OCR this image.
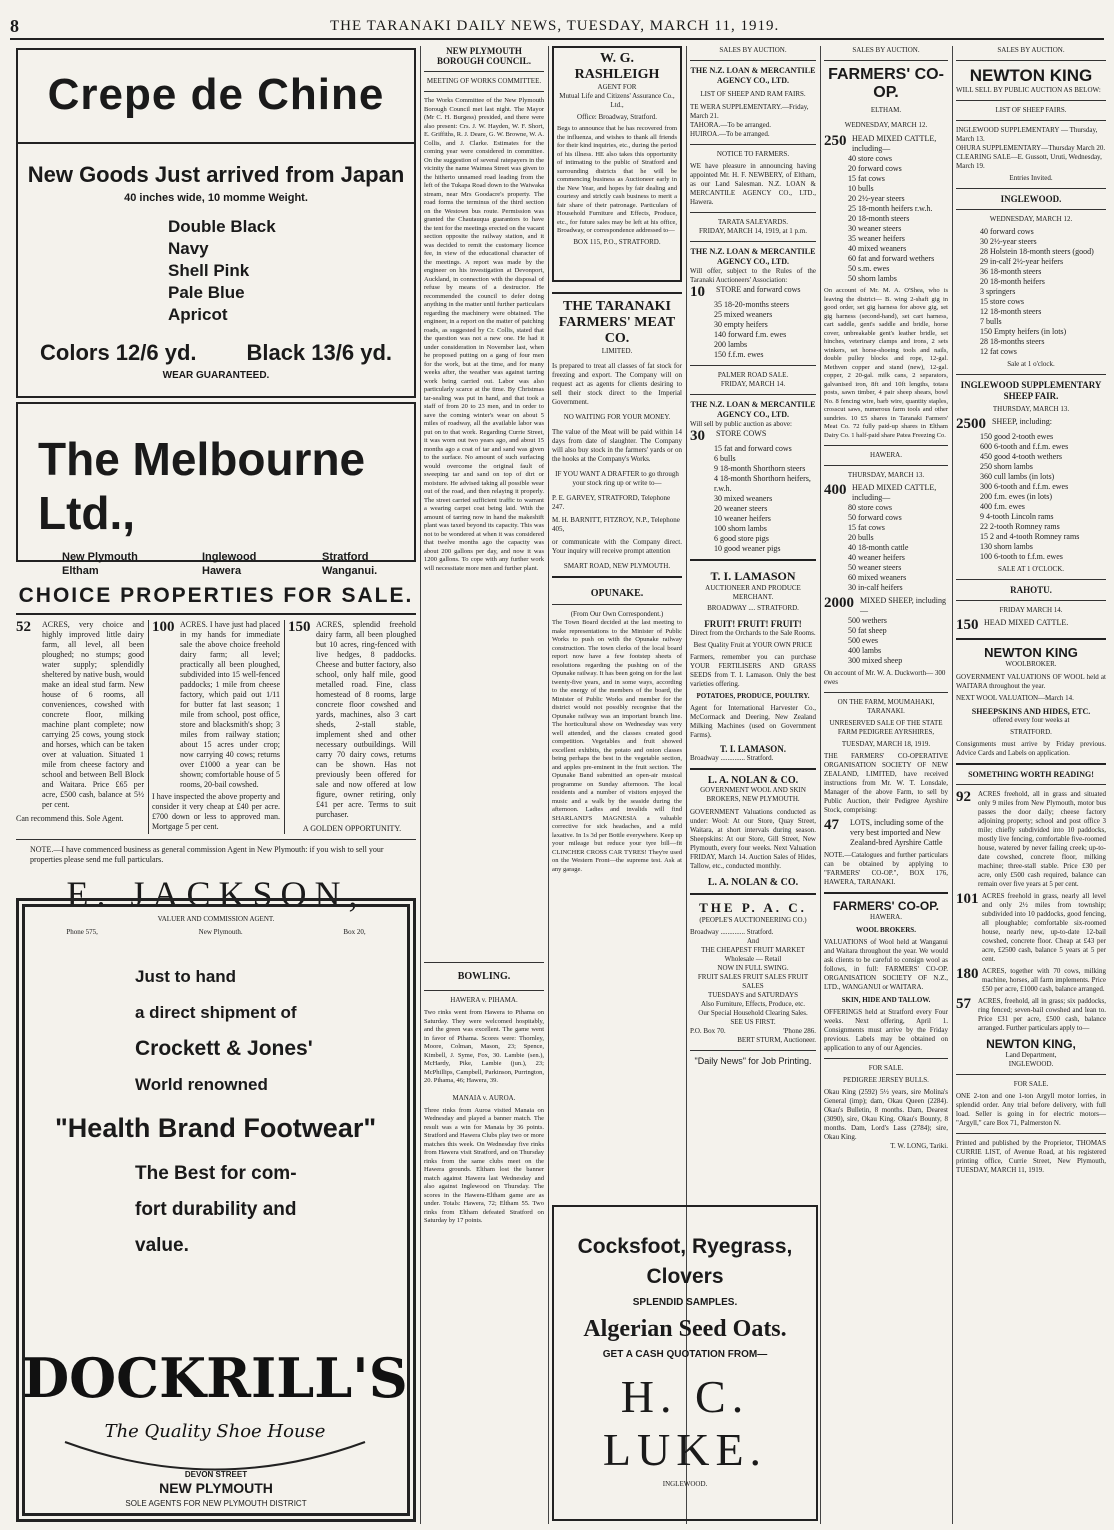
8	THE TARANAKI DAILY NEWS, TUESDAY, MARCH 11, 1919.
Crepe de Chine
New Goods Just arrived from Japan
40 inches wide, 10 momme Weight.
Double Black
Navy
Shell Pink
Pale Blue
Apricot
Colors 12/6 yd. Black 13/6 yd.
WEAR GUARANTEED.
The Melbourne Ltd.,
New Plymouth	Inglewood	Stratford
Eltham	Hawera	Wanganui.
CHOICE PROPERTIES FOR SALE.
52	ACRES, very choice and highly improved little dairy farm, all level, all been ploughed; no stumps; good water supply; splendidly sheltered by native bush, would make an ideal stud farm. New house of 6 rooms, all conveniences, cowshed with concrete floor, milking machine plant complete; now carrying 25 cows, young stock and horses, which can be taken over at valuation. Situated 1 mile from cheese factory and school and between Bell Block and Waitara. Price £65 per acre, £500 cash, balance at 5½ per cent.
Can recommend this. Sole Agent.
100 ACRES. I have just had placed in my hands for immediate sale the above choice freehold dairy farm; all level; practically all been ploughed, subdivided into 15 well-fenced paddocks; 1 mile from cheese factory, which paid out 1/11 for butter fat last season; 1 mile from school, post office, store and blacksmith's shop; 3 miles from railway station; about 15 acres under crop; now carrying 40 cows; returns over £1000 a year can be shown; comfortable house of 5 rooms, 20-bail cowshed.
I have inspected the above property and consider it very cheap at £40 per acre. £700 down or less to approved man. Mortgage 5 per cent.
150 ACRES, splendid freehold dairy farm, all been ploughed but 10 acres, ring-fenced with live hedges, 8 paddocks. Cheese and butter factory, also school, only half mile, good metalled road. Fine, class homestead of 8 rooms, large concrete floor cowshed and yards, machines, also 3 cart sheds, 2-stall stable, implement shed and other necessary outbuildings. Will carry 70 dairy cows, returns can be shown. Has not previously been offered for sale and now offered at low figure, owner retiring, only £41 per acre. Terms to suit purchaser.
A GOLDEN OPPORTUNITY.
NOTE.—I have commenced business as general commission Agent in New Plymouth: if you wish to sell your properties please send me full particulars.
E. JACKSON,
VALUER AND COMMISSION AGENT.
Phone 575,	New Plymouth.	Box 20,
Just to hand
a direct shipment of
Crockett & Jones'
World renowned
"Health Brand Footwear"
The Best for com-
fort durability and
value.
DOCKRILL'S
The Quality Shoe House
DEVON STREET
NEW PLYMOUTH
SOLE AGENTS FOR NEW PLYMOUTH DISTRICT
NEW PLYMOUTH BOROUGH COUNCIL.
MEETING OF WORKS COMMITTEE.
The Works Committee of the New Plymouth Borough Council met last night. The Mayor (Mr C. H. Burgess) presided, and there were also present: Crs. J. W. Hayden, W. F. Short, E. Griffiths, R. J. Deare, G. W. Browne, W. A. Collis, and J. Clarke. Estimates for the coming year were considered in committee. On the suggestion of several ratepayers in the vicinity the name Waimea Street was given to the hitherto unnamed road leading from the left of the Tukapa Road down to the Waiwaka stream, near Mrs Goodacre's property. The road forms the terminus of the third section on the Westown bus route. Permission was granted the Chautauqua guarantors to have the tent for the meetings erected on the vacant section opposite the railway station, and it was decided to remit the customary licence fee, in view of the educational character of the meetings. A report was made by the engineer on his investigation at Devonport, Auckland, in connection with the disposal of refuse by means of a destructor. He recommended the council to defer doing anything in the matter until further particulars regarding the machinery were obtained. The engineer, in a report on the matter of patching roads, as suggested by Cr. Collis, stated that the question was not a new one. He had it under consideration in November last, when he proposed putting on a gang of four men for the work, but at the time, and for many weeks after, the weather was against tarring work being carried out. Labor was also particularly scarce at the time. By Christmas tar-sealing was put in hand, and that took a staff of from 20 to 23 men, and in order to save the coming winter's wear on about 5 miles of roadway, all the available labor was put on to that work. Regarding Currie Street, it was worn out two years ago, and about 15 months ago a coat of tar and sand was given to the surface. No amount of such surfacing would overcome the original fault of sweeping tar and sand on top of dirt or moisture. He advised taking all possible wear out of the road, and then relaying it properly. The street carried sufficient traffic to warrant a wearing carpet coat being laid. With the amount of tarring now in hand the makeshift plant was taxed beyond its capacity. This was not to be wondered at when it was considered that twelve months ago the capacity was about 200 gallons per day, and now it was 1200 gallons. To cope with any further work will necessitate more men and further plant.
BOWLING.
HAWERA v. PIHAMA.
Two rinks went from Hawera to Pihama on Saturday. They were welcomed hospitably, and the green was excellent. The game went in favor of Pihama. Scores were: Thornley, Moore, Colman, Mason, 23; Spence, Kimbell, J. Syme, Fox, 30. Lambie (sen.), McHardy, Pike, Lambie (jun.), 23; McPhillips, Campbell, Parkinson, Purrington, 20. Pihama, 46; Hawera, 39.
MANAIA v. AUROA.
Three rinks from Auroa visited Manaia on Wednesday and played a banner match. The result was a win for Manaia by 36 points. Stratford and Hawera Clubs play two or more matches this week. On Wednesday five rinks from Hawera visit Stratford, and on Thursday rinks from the same clubs meet on the Hawera grounds. Eltham lost the banner match against Hawera last Wednesday and also against Inglewood on Thursday. The scores in the Hawera-Eltham game are as under. Totals: Hawera, 72; Eltham 55. Two rinks from Eltham defeated Stratford on Saturday by 17 points.
W. G. RASHLEIGH
AGENT FOR
Mutual Life and Citizens' Assurance Co., Ltd.,
Office: Broadway, Stratford.
Begs to announce that he has recovered from the influenza, and wishes to thank all friends for their kind inquiries, etc., during the period of his illness. HE also takes this opportunity of intimating to the public of Stratford and surrounding districts that he will be commencing business as Auctioneer early in the New Year, and hopes by fair dealing and courtesy and strictly cash business to merit a fair share of their patronage. Particulars of Household Furniture and Effects, Produce, etc., for future sales may be left at his office, Broadway, or correspondence addressed to—
BOX 115, P.O., STRATFORD.
THE TARANAKI FARMERS' MEAT CO.
LIMITED.
Is prepared to treat all classes of fat stock for freezing and export. The Company will on request act as agents for clients desiring to sell their stock direct to the Imperial Government.
NO WAITING FOR YOUR MONEY.
The value of the Meat will be paid within 14 days from date of slaughter. The Company will also buy stock in the farmers' yards or on the hooks at the Company's Works.
IF YOU WANT A DRAFTER to go through your stock ring up or write to—
P. E. GARVEY, STRATFORD, Telephone 247.
M. H. BARNITT, FITZROY, N.P., Telephone 405,
or communicate with the Company direct. Your inquiry will receive prompt attention
SMART ROAD, NEW PLYMOUTH.
OPUNAKE.
(From Our Own Correspondent.)
The Town Board decided at the last meeting to make representations to the Minister of Public Works to push on with the Opunake railway construction. The town clerks of the local board report now have a few footstep sheets of resolutions regarding the pushing on of the Opunake railway. It has been going on for the last twenty-five years, and in some ways, according to the energy of the members of the board, the Minister of Public Works and member for the district would not possibly recognise that the Opunake railway was an important branch line. The horticultural show on Wednesday was very well attended, and the classes created good competition. Vegetables and fruit showed excellent exhibits, the potato and onion classes being perhaps the best in the vegetable section, and apples pre-eminent in the fruit section. The Opunake Band submitted an open-air musical programme on Sunday afternoon. The local residents and a number of visitors enjoyed the music and a walk by the seaside during the afternoon. Ladies and invalids will find SHARLAND'S MAGNESIA a valuable corrective for sick headaches, and a mild laxative. In 1s 3d per Bottle everywhere. Keep up your mileage but reduce your tyre bill—fit CLINCHER CROSS CAR TYRES! They're used on the Western Front—the supreme test. Ask at any garage.
Cocksfoot, Ryegrass,
Clovers
SPLENDID SAMPLES.
Algerian Seed Oats.
GET A CASH QUOTATION FROM—
H. C. LUKE.
INGLEWOOD.
SALES BY AUCTION.
THE N.Z. LOAN & MERCANTILE AGENCY CO., LTD.
LIST OF SHEEP AND RAM FAIRS.
TE WERA SUPPLEMENTARY.—Friday, March 21.
TAHORA.—To be arranged.
HUIROA.—To be arranged.
NOTICE TO FARMERS.
WE have pleasure in announcing having appointed Mr. H. F. NEWBERY, of Eltham, as our Land Salesman. N.Z. LOAN & MERCANTILE AGENCY CO., LTD., Hawera.
TARATA SALEYARDS.
FRIDAY, MARCH 14, 1919, at 1 p.m.
THE N.Z. LOAN & MERCANTILE AGENCY CO., LTD.
Will offer, subject to the Rules of the Taranaki Auctioneers' Association:
10	STORE and forward cows
35 18-20-months steers
25 mixed weaners
30 empty heifers
140 forward f.m. ewes
200 lambs
150 f.f.m. ewes
PALMER ROAD SALE.
FRIDAY, MARCH 14.
THE N.Z. LOAN & MERCANTILE AGENCY CO., LTD.
Will sell by public auction as above:
30	STORE COWS
15 fat and forward cows
6 bulls
9 18-month Shorthorn steers
4 18-month Shorthorn heifers, r.w.h.
30 mixed weaners
20 weaner steers
10 weaner heifers
100 shorn lambs
6 good store pigs
10 good weaner pigs
T. I. LAMASON
AUCTIONEER AND PRODUCE MERCHANT.
BROADWAY .... STRATFORD.
FRUIT! FRUIT! FRUIT!
Direct from the Orchards to the Sale Rooms.
Best Quality Fruit at YOUR OWN PRICE
Farmers, remember you can purchase YOUR FERTILISERS AND GRASS SEEDS from T. I. Lamason. Only the best varieties offering.
POTATOES, PRODUCE, POULTRY.
Agent for International Harvester Co., McCormack and Deering, New Zealand Milking Machines (used on Government Farms).
T. I. LAMASON.
Broadway .............. Stratford.
L. A. NOLAN & CO.
GOVERNMENT WOOL AND SKIN BROKERS, NEW PLYMOUTH.
GOVERNMENT Valuations conducted as under: Wool: At our Store, Quay Street, Waitara, at short intervals during season. Sheepskins: At our Store, Gill Street, New Plymouth, every four weeks. Next Valuation FRIDAY, March 14. Auction Sales of Hides, Tallow, etc., conducted monthly.
L. A. NOLAN & CO.
THE P. A. C.
(PEOPLE'S AUCTIONEERING CO.)
Broadway .............. Stratford.
And
THE CHEAPEST FRUIT MARKET
Wholesale — Retail
NOW IN FULL SWING.
FRUIT SALES FRUIT SALES FRUIT SALES
TUESDAYS and SATURDAYS
Also Furniture, Effects, Produce, etc.
Our Special Household Clearing Sales.
SEE US FIRST.
P.O. Box 70.	'Phone 286.
BERT STURM, Auctioneer.
"Daily News" for Job Printing.
SALES BY AUCTION.
FARMERS' CO-OP.
ELTHAM.
WEDNESDAY, MARCH 12.
250 HEAD MIXED CATTLE, including—
40 store cows
20 forward cows
15 fat cows
10 bulls
20 2½-year steers
25 18-month heifers r.w.h.
20 18-month steers
30 weaner steers
35 weaner heifers
40 mixed weaners
60 fat and forward wethers
50 s.m. ewes
50 shorn lambs
On account of Mr. M. A. O'Shea, who is leaving the district— B. wing 2-shaft gig in good order, set gig harness for above gig, set gig harness (second-hand), set cart harness, cart saddle, gent's saddle and bridle, horse cover, unbreakable gent's leather bridle, set hinches, veterinary clamps and irons, 2 sets winkers, set horse-shoeing tools and nails, double pulley blocks and rope, 12-gal. Methven copper and stand (new), 12-gal. copper, 2 20-gal. milk cans, 2 separators, galvanised iron, 8ft and 10ft lengths, totara posts, sawn timber, 4 pair sheep shears, bowl No. 8 fencing wire, barb wire, quantity staples, crosscut saws, numerous farm tools and other sundries. 10 £5 shares in Taranaki Farmers' Meat Co. 72 fully paid-up shares in Eltham Dairy Co. 1 half-paid share Patea Freezing Co.
HAWERA.
THURSDAY, MARCH 13.
400 HEAD MIXED CATTLE, including—
80 store cows
50 forward cows
15 fat cows
20 bulls
40 18-month cattle
40 weaner heifers
50 weaner steers
60 mixed weaners
30 in-calf heifers
2000 MIXED SHEEP, including—
500 wethers
50 fat sheep
500 ewes
400 lambs
300 mixed sheep
On account of Mr. W. A. Duckworth— 300 ewes
ON THE FARM, MOUMAHAKI, TARANAKI.
UNRESERVED SALE OF THE STATE FARM PEDIGREE AYRSHIRES,
TUESDAY, MARCH 18, 1919.
THE FARMERS' CO-OPERATIVE ORGANISATION SOCIETY OF NEW ZEALAND, LIMITED, have received instructions from Mr. W. T. Lonsdale, Manager of the above Farm, to sell by Public Auction, their Pedigree Ayrshire Stock, comprising:
47	LOTS, including some of the very best imported and New Zealand-bred Ayrshire Cattle
NOTE.—Catalogues and further particulars can be obtained by applying to "FARMERS' CO-OP.", BOX 176, HAWERA, TARANAKI.
FARMERS' CO-OP.
HAWERA.
WOOL BROKERS.
VALUATIONS of Wool held at Wanganui and Waitara throughout the year. We would ask clients to be careful to consign wool as follows, in full: FARMERS' CO-OP. ORGANISATION SOCIETY OF N.Z., LTD., WANGANUI or WAITARA.
SKIN, HIDE AND TALLOW.
OFFERINGS held at Stratford every Four weeks. Next offering, April 1. Consignments must arrive by the Friday previous. Labels may be obtained on application to any of our Agencies.
FOR SALE.
PEDIGREE JERSEY BULLS.
Okau King (2592) 5½ years, sire Molina's General (imp); dam, Okau Queen (2284). Okau's Bulletin, 8 months. Dam, Dearest (3090), sire, Okau King. Okau's Bounty, 8 months. Dam, Lord's Lass (2784); sire, Okau King.
T. W. LONG, Tariki.
SALES BY AUCTION.
NEWTON KING
WILL SELL BY PUBLIC AUCTION AS BELOW:
LIST OF SHEEP FAIRS.
INGLEWOOD SUPPLEMENTARY — Thursday, March 13.
OHURA SUPPLEMENTARY—Thursday March 20.
CLEARING SALE—E. Gussott, Uruti, Wednesday, March 19.
Entries Invited.
INGLEWOOD.
WEDNESDAY, MARCH 12.
40 forward cows
30 2½-year steers
28 Holstein 18-month steers (good)
29 in-calf 2½-year heifers
36 18-month steers
20 18-month heifers
3 springers
15 store cows
12 18-month steers
7 bulls
150 Empty heifers (in lots)
28 18-months steers
12 fat cows
Sale at 1 o'clock.
INGLEWOOD SUPPLEMENTARY SHEEP FAIR.
THURSDAY, MARCH 13.
2500 SHEEP, including:
150 good 2-tooth ewes
600 6-tooth and f.f.m. ewes
450 good 4-tooth wethers
250 shorn lambs
360 cull lambs (in lots)
300 6-tooth and f.f.m. ewes
200 f.m. ewes (in lots)
400 f.m. ewes
9 4-tooth Lincoln rams
22 2-tooth Romney rams
15 2 and 4-tooth Romney rams
130 shorn lambs
100 6-tooth to f.f.m. ewes
SALE AT 1 O'CLOCK.
RAHOTU.
FRIDAY MARCH 14.
150 HEAD MIXED CATTLE.
NEWTON KING
WOOLBROKER.
GOVERNMENT VALUATIONS OF WOOL held at WAITARA throughout the year.
NEXT WOOL VALUATION—March 14.
SHEEPSKINS AND HIDES, ETC.
offered every four weeks at
STRATFORD.
Consignments must arrive by Friday previous. Advice Cards and Labels on application.
SOMETHING WORTH READING!
92	ACRES freehold, all in grass and situated only 9 miles from New Plymouth, motor bus passes the door daily; cheese factory adjoining property; school and post office 3 mile; chiefly subdivided into 10 paddocks, mostly live fencing, comfortable five-roomed house, watered by never failing creek; up-to-date cowshed, concrete floor, milking machine; three-stall stable. Price £30 per acre, only £500 cash required, balance can remain over five years at 5 per cent.
101 ACRES freehold in grass, nearly all level and only 2½ miles from township; subdivided into 10 paddocks, good fencing, all ploughable; comfortable six-roomed house, nearly new, up-to-date 12-bail cowshed, concrete floor. Cheap at £43 per acre, £2500 cash, balance 5 years at 5 per cent.
180 ACRES, together with 70 cows, milking machine, horses, all farm implements. Price £50 per acre, £1000 cash, balance arranged.
57	ACRES, freehold, all in grass; six paddocks, ring fenced; seven-bail cowshed and lean to. Price £31 per acre, £500 cash, balance arranged. Further particulars apply to—
NEWTON KING,
Land Department,
INGLEWOOD.
FOR SALE.
ONE 2-ton and one 1-ton Argyll motor lorries, in splendid order. Any trial before delivery, with full load. Seller is going in for electric motors— "Argyll," care Box 71, Palmerston N.
Printed and published by the Proprietor, THOMAS CURRIE LIST, of Avenue Road, at his registered printing office, Currie Street, New Plymouth, TUESDAY, MARCH 11, 1919.
